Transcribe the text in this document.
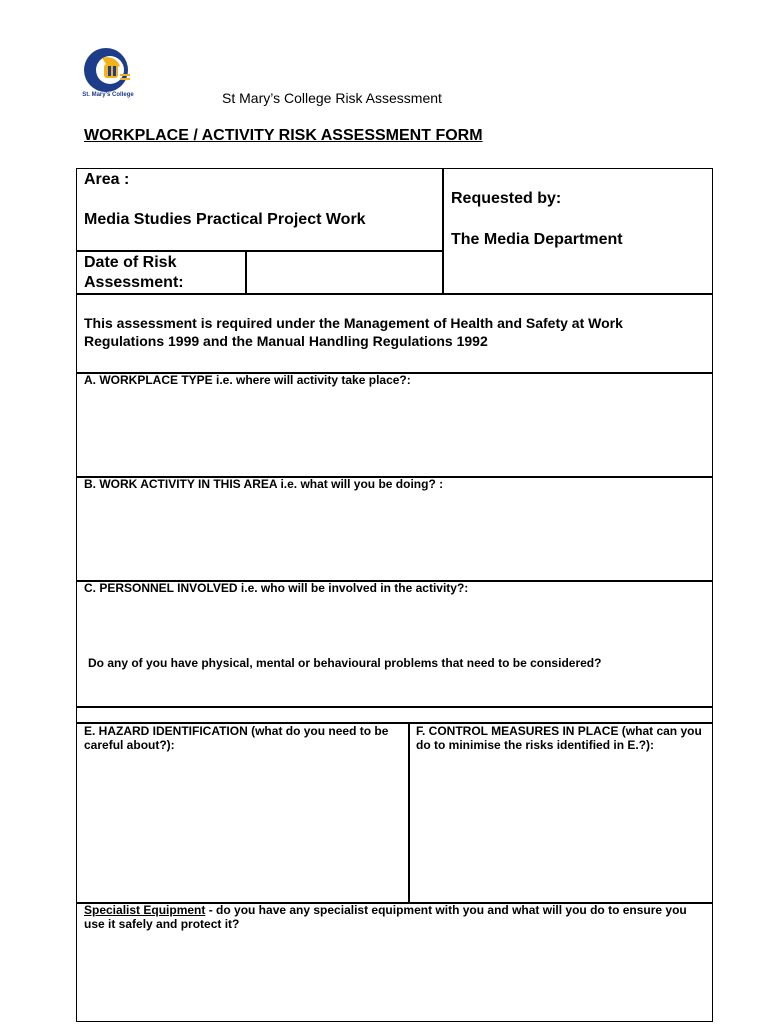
St. Mary's College	St Mary’s College Risk Assessment
WORKPLACE / ACTIVITY RISK ASSESSMENT FORM
Area :
Media Studies Practical Project Work
Requested by:
The Media Department
Date of Risk Assessment:
This assessment is required under the Management of Health and Safety at Work Regulations 1999 and the Manual Handling Regulations 1992
A. WORKPLACE TYPE i.e. where will activity take place?:
B. WORK ACTIVITY IN THIS AREA i.e. what will you be doing? :
C. PERSONNEL INVOLVED i.e. who will be involved in the activity?:
Do any of you have physical, mental or behavioural problems that need to be considered?
E. HAZARD IDENTIFICATION (what do you need to be careful about?):
F. CONTROL MEASURES IN PLACE (what can you do to minimise the risks identified in E.?):
Specialist Equipment - do you have any specialist equipment with you and what will you do to ensure you use it safely and protect it?
